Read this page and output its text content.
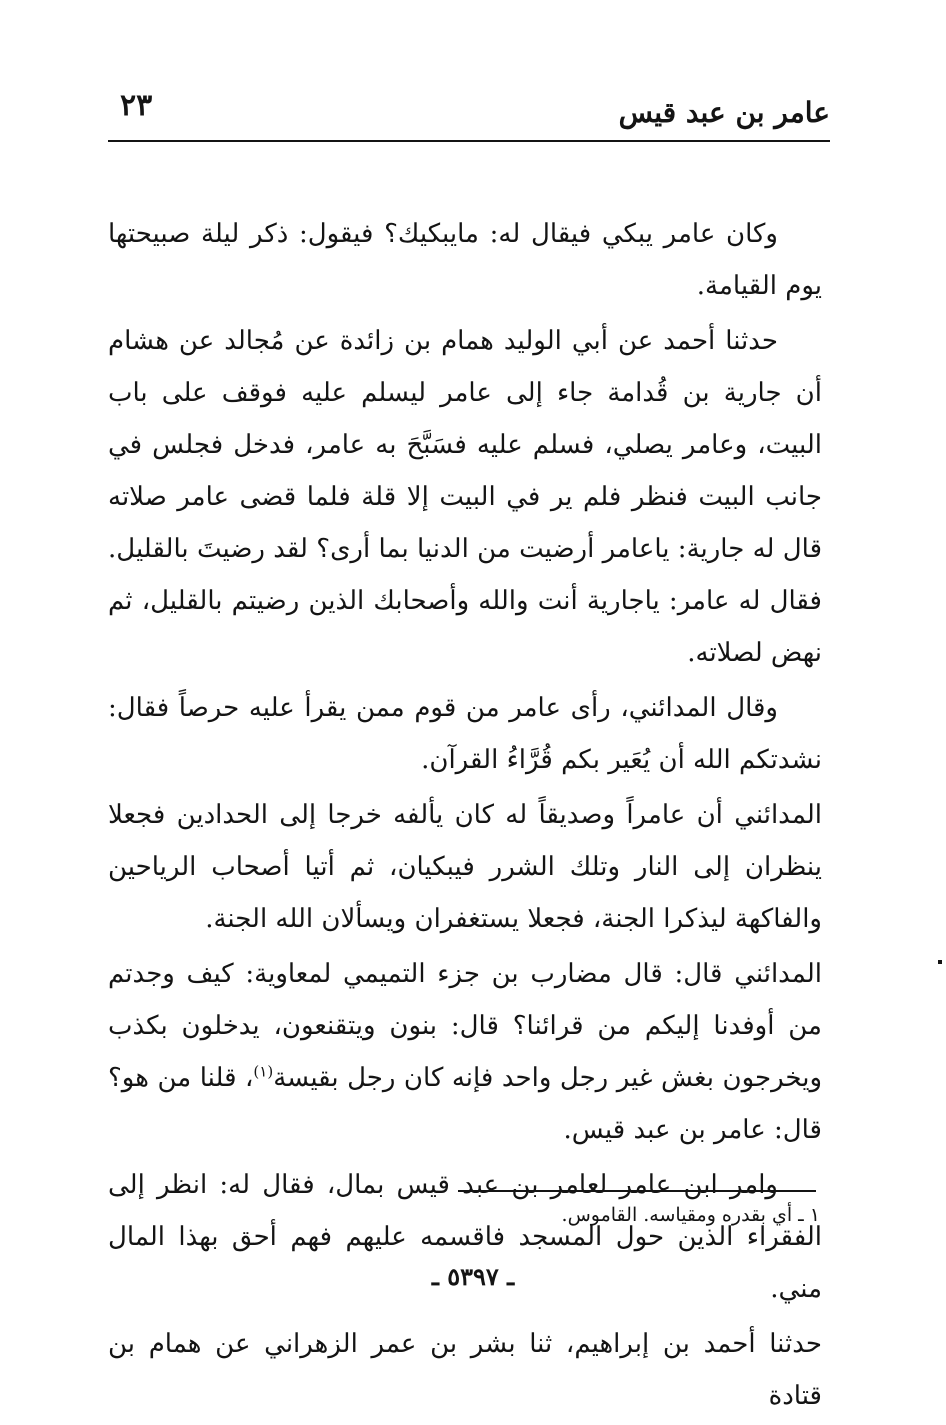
عامر بن عبد قيس
٢٣

وكان عامر يبكي فيقال له: مايبكيك؟ فيقول: ذكر ليلة صبيحتها يوم القيامة.

حدثنا أحمد عن أبي الوليد همام بن زائدة عن مُجالد عن هشام أن جارية بن قُدامة جاء إلى عامر ليسلم عليه فوقف على باب البيت، وعامر يصلي، فسلم عليه فسَبَّحَ به عامر، فدخل فجلس في جانب البيت فنظر فلم ير في البيت إلا قلة فلما قضى عامر صلاته قال له جارية: ياعامر أرضيت من الدنيا بما أرى؟ لقد رضيتَ بالقليل. فقال له عامر: ياجارية أنت والله وأصحابك الذين رضيتم بالقليل، ثم نهض لصلاته.

وقال المدائني، رأى عامر من قوم ممن يقرأ عليه حرصاً فقال: نشدتكم الله أن يُعَير بكم قُرَّاءُ القرآن.

المدائني أن عامراً وصديقاً له كان يألفه خرجا إلى الحدادين فجعلا ينظران إلى النار وتلك الشرر فيبكيان، ثم أتيا أصحاب الرياحين والفاكهة ليذكرا الجنة، فجعلا يستغفران ويسألان الله الجنة.

المدائني قال: قال مضارب بن جزء التميمي لمعاوية: كيف وجدتم من أوفدنا إليكم من قرائنا؟ قال: بنون ويتقنعون، يدخلون بكذب ويخرجون بغش غير رجل واحد فإنه كان رجل بقيسة$^{(١)}$، قلنا من هو؟ قال: عامر بن عبد قيس.

وامر ابن عامر لعامر بن عبد قيس بمال، فقال له: انظر إلى الفقراء الذين حول المسجد فاقسمه عليهم فهم أحق بهذا المال مني.

حدثنا أحمد بن إبراهيم، ثنا بشر بن عمر الزهراني عن همام بن قتادة

١ ـ أي بقدره ومقياسه. القاموس.
ـ ٥٣٩٧ ـ
